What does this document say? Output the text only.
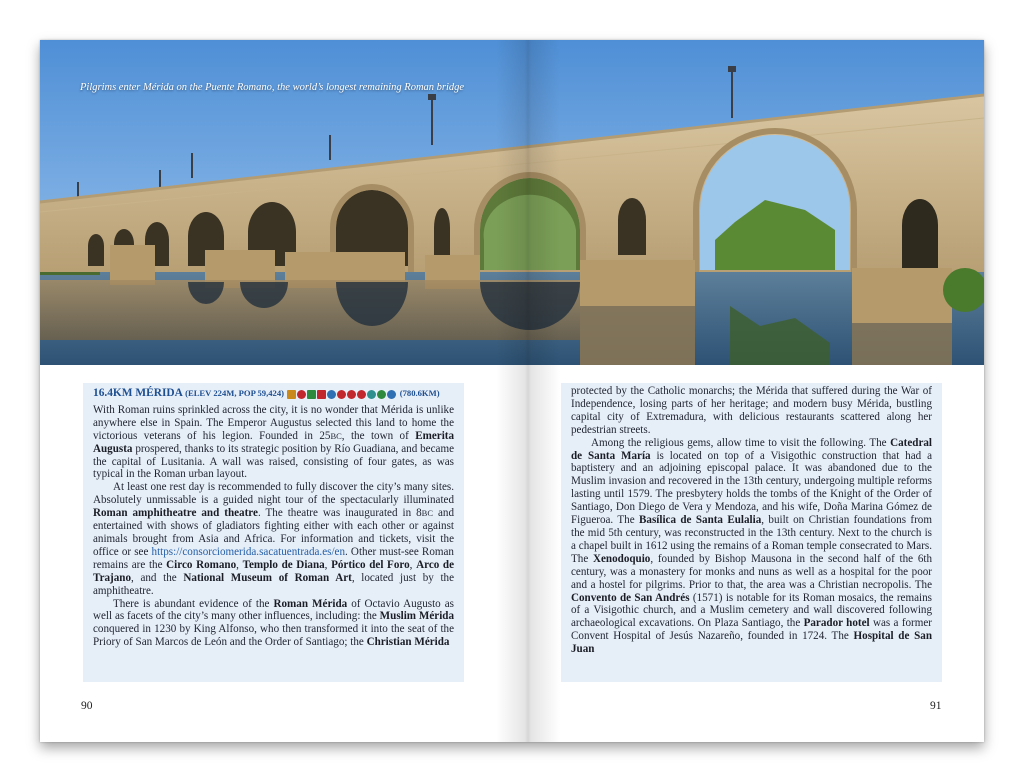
Pilgrims enter Mérida on the Puente Romano, the world’s longest remaining Roman bridge
16.4KM MÉRIDA (ELEV 224M, POP 59,424)	(780.6KM)

With Roman ruins sprinkled across the city, it is no wonder that Mérida is unlike anywhere else in Spain. The Emperor Augustus selected this land to home the victorious veterans of his legion. Founded in 25BC, the town of Emerita Augusta prospered, thanks to its strategic position by Río Guadiana, and became the capital of Lusitania. A wall was raised, consisting of four gates, as was typical in the Roman urban layout.

At least one rest day is recommended to fully discover the city’s many sites. Absolutely unmissable is a guided night tour of the spectacularly illuminated Roman amphitheatre and theatre. The theatre was inaugurated in 8BC and entertained with shows of gladiators fighting either with each other or against animals brought from Asia and Africa. For information and tickets, visit the office or see https://consorciomerida.sacatuentrada.es/en. Other must-see Roman remains are the Circo Romano, Templo de Diana, Pórtico del Foro, Arco de Trajano, and the National Museum of Roman Art, located just by the amphitheatre.

There is abundant evidence of the Roman Mérida of Octavio Augusto as well as facets of the city’s many other influences, including: the Muslim Mérida conquered in 1230 by King Alfonso, who then transformed it into the seat of the Priory of San Marcos de León and the Order of Santiago; the Christian Mérida

protected by the Catholic monarchs; the Mérida that suffered during the War of Independence, losing parts of her heritage; and modern busy Mérida, bustling capital city of Extremadura, with delicious restaurants scattered along her pedestrian streets.

Among the religious gems, allow time to visit the following. The Catedral de Santa María is located on top of a Visigothic construction that had a baptistery and an adjoining episcopal palace. It was abandoned due to the Muslim invasion and recovered in the 13th century, undergoing multiple reforms lasting until 1579. The presbytery holds the tombs of the Knight of the Order of Santiago, Don Diego de Vera y Mendoza, and his wife, Doña Marina Gómez de Figueroa. The Basílica de Santa Eulalia, built on Christian foundations from the mid 5th century, was reconstructed in the 13th century. Next to the church is a chapel built in 1612 using the remains of a Roman temple consecrated to Mars. The Xenodoquio, founded by Bishop Mausona in the second half of the 6th century, was a monastery for monks and nuns as well as a hospital for the poor and a hostel for pilgrims. Prior to that, the area was a Christian necropolis. The Convento de San Andrés (1571) is notable for its Roman mosaics, the remains of a Visigothic church, and a Muslim cemetery and wall discovered following archaeological excavations. On Plaza Santiago, the Parador hotel was a former Convent Hospital of Jesús Nazareño, founded in 1724. The Hospital de San Juan

90	91
